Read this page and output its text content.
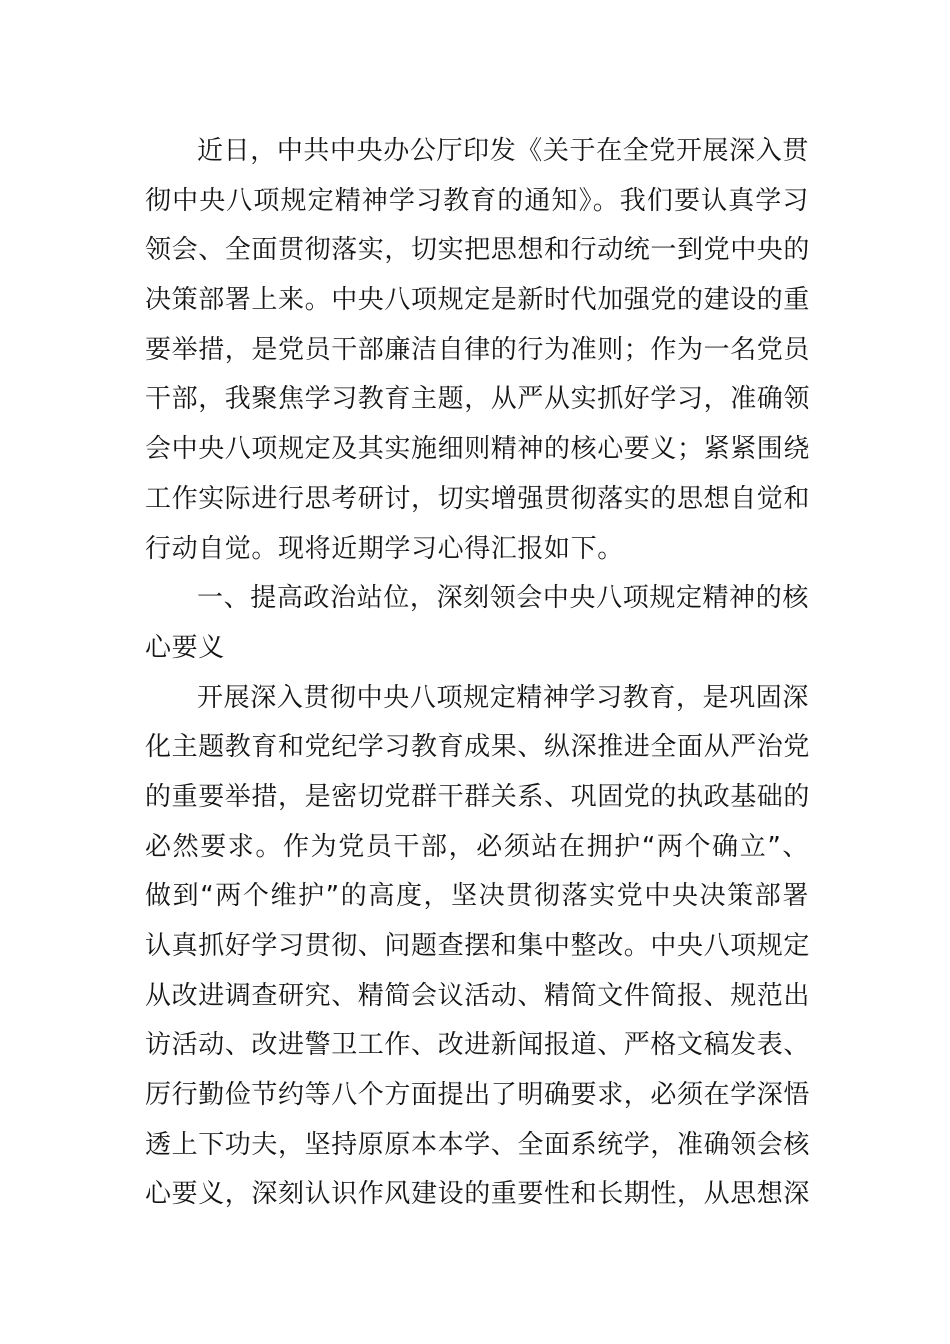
近日，中共中央办公厅印发《关于在全党开展深入贯
彻中央八项规定精神学习教育的通知》。我们要认真学习
领会、全面贯彻落实，切实把思想和行动统一到党中央的
决策部署上来。中央八项规定是新时代加强党的建设的重
要举措，是党员干部廉洁自律的行为准则；作为一名党员
干部，我聚焦学习教育主题，从严从实抓好学习，准确领
会中央八项规定及其实施细则精神的核心要义；紧紧围绕
工作实际进行思考研讨，切实增强贯彻落实的思想自觉和
行动自觉。现将近期学习心得汇报如下。
一、提高政治站位，深刻领会中央八项规定精神的核
心要义
开展深入贯彻中央八项规定精神学习教育，是巩固深
化主题教育和党纪学习教育成果、纵深推进全面从严治党
的重要举措，是密切党群干群关系、巩固党的执政基础的
必然要求。作为党员干部，必须站在拥护“两个确立”、
做到“两个维护”的高度，坚决贯彻落实党中央决策部署
认真抓好学习贯彻、问题查摆和集中整改。中央八项规定
从改进调查研究、精简会议活动、精简文件简报、规范出
访活动、改进警卫工作、改进新闻报道、严格文稿发表、
厉行勤俭节约等八个方面提出了明确要求，必须在学深悟
透上下功夫，坚持原原本本学、全面系统学，准确领会核
心要义，深刻认识作风建设的重要性和长期性，从思想深
